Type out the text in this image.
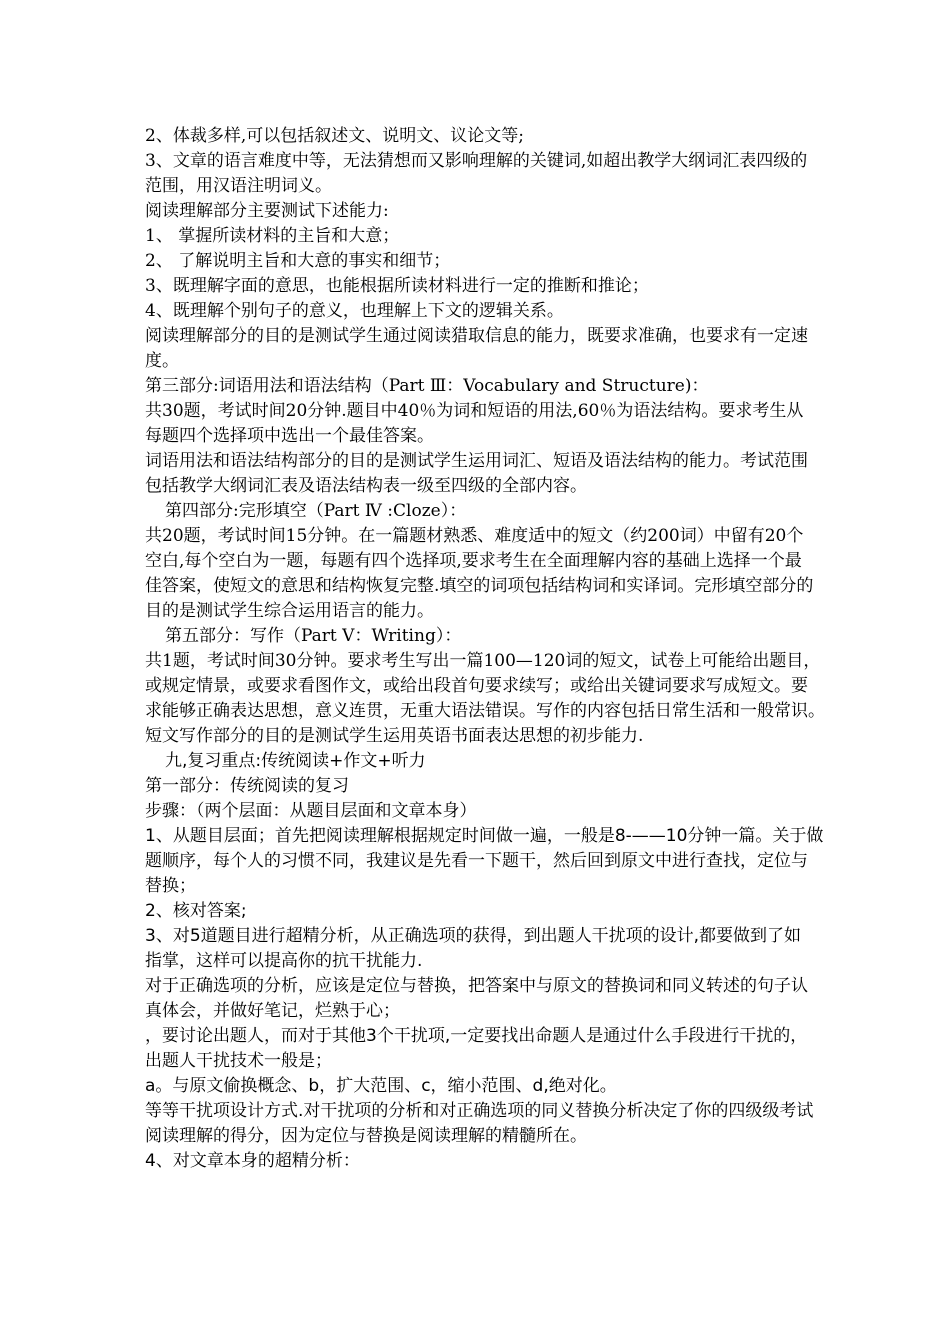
2、体裁多样,可以包括叙述文、说明文、议论文等;
3、文章的语言难度中等，无法猜想而又影响理解的关键词,如超出教学大纲词汇表四级的
范围，用汉语注明词义。
阅读理解部分主要测试下述能力:
1、 掌握所读材料的主旨和大意；
2、 了解说明主旨和大意的事实和细节；
3、既理解字面的意思，也能根据所读材料进行一定的推断和推论；
4、既理解个别句子的意义，也理解上下文的逻辑关系。
阅读理解部分的目的是测试学生通过阅读猎取信息的能力，既要求准确，也要求有一定速
度。
第三部分:词语用法和语法结构（Part Ⅲ：Vocabulary and Structure)：
共30题，考试时间20分钟.题目中40％为词和短语的用法,60％为语法结构。要求考生从
每题四个选择项中选出一个最佳答案。
词语用法和语法结构部分的目的是测试学生运用词汇、短语及语法结构的能力。考试范围
包括教学大纲词汇表及语法结构表一级至四级的全部内容。
第四部分:完形填空（Part Ⅳ :Cloze）：
共20题，考试时间15分钟。在一篇题材熟悉、难度适中的短文（约200词）中留有20个
空白,每个空白为一题，每题有四个选择项,要求考生在全面理解内容的基础上选择一个最
佳答案，使短文的意思和结构恢复完整.填空的词项包括结构词和实译词。完形填空部分的
目的是测试学生综合运用语言的能力。
第五部分：写作（Part Ⅴ：Writing）：
共1题，考试时间30分钟。要求考生写出一篇100—120词的短文，试卷上可能给出题目，
或规定情景，或要求看图作文，或给出段首句要求续写；或给出关键词要求写成短文。要
求能够正确表达思想，意义连贯，无重大语法错误。写作的内容包括日常生活和一般常识。
短文写作部分的目的是测试学生运用英语书面表达思想的初步能力.
九,复习重点:传统阅读+作文+听力
第一部分：传统阅读的复习
步骤：（两个层面：从题目层面和文章本身）
1、从题目层面；首先把阅读理解根据规定时间做一遍，一般是8-——10分钟一篇。关于做
题顺序，每个人的习惯不同，我建议是先看一下题干，然后回到原文中进行查找，定位与
替换；
2、核对答案;
3、对5道题目进行超精分析，从正确选项的获得，到出题人干扰项的设计,都要做到了如
指掌，这样可以提高你的抗干扰能力.
对于正确选项的分析，应该是定位与替换，把答案中与原文的替换词和同义转述的句子认
真体会，并做好笔记，烂熟于心；
，要讨论出题人，而对于其他3个干扰项,一定要找出命题人是通过什么手段进行干扰的，
出题人干扰技术一般是；
a。与原文偷换概念、b，扩大范围、c，缩小范围、d,绝对化。
等等干扰项设计方式.对干扰项的分析和对正确选项的同义替换分析决定了你的四级级考试
阅读理解的得分，因为定位与替换是阅读理解的精髓所在。
4、对文章本身的超精分析：
